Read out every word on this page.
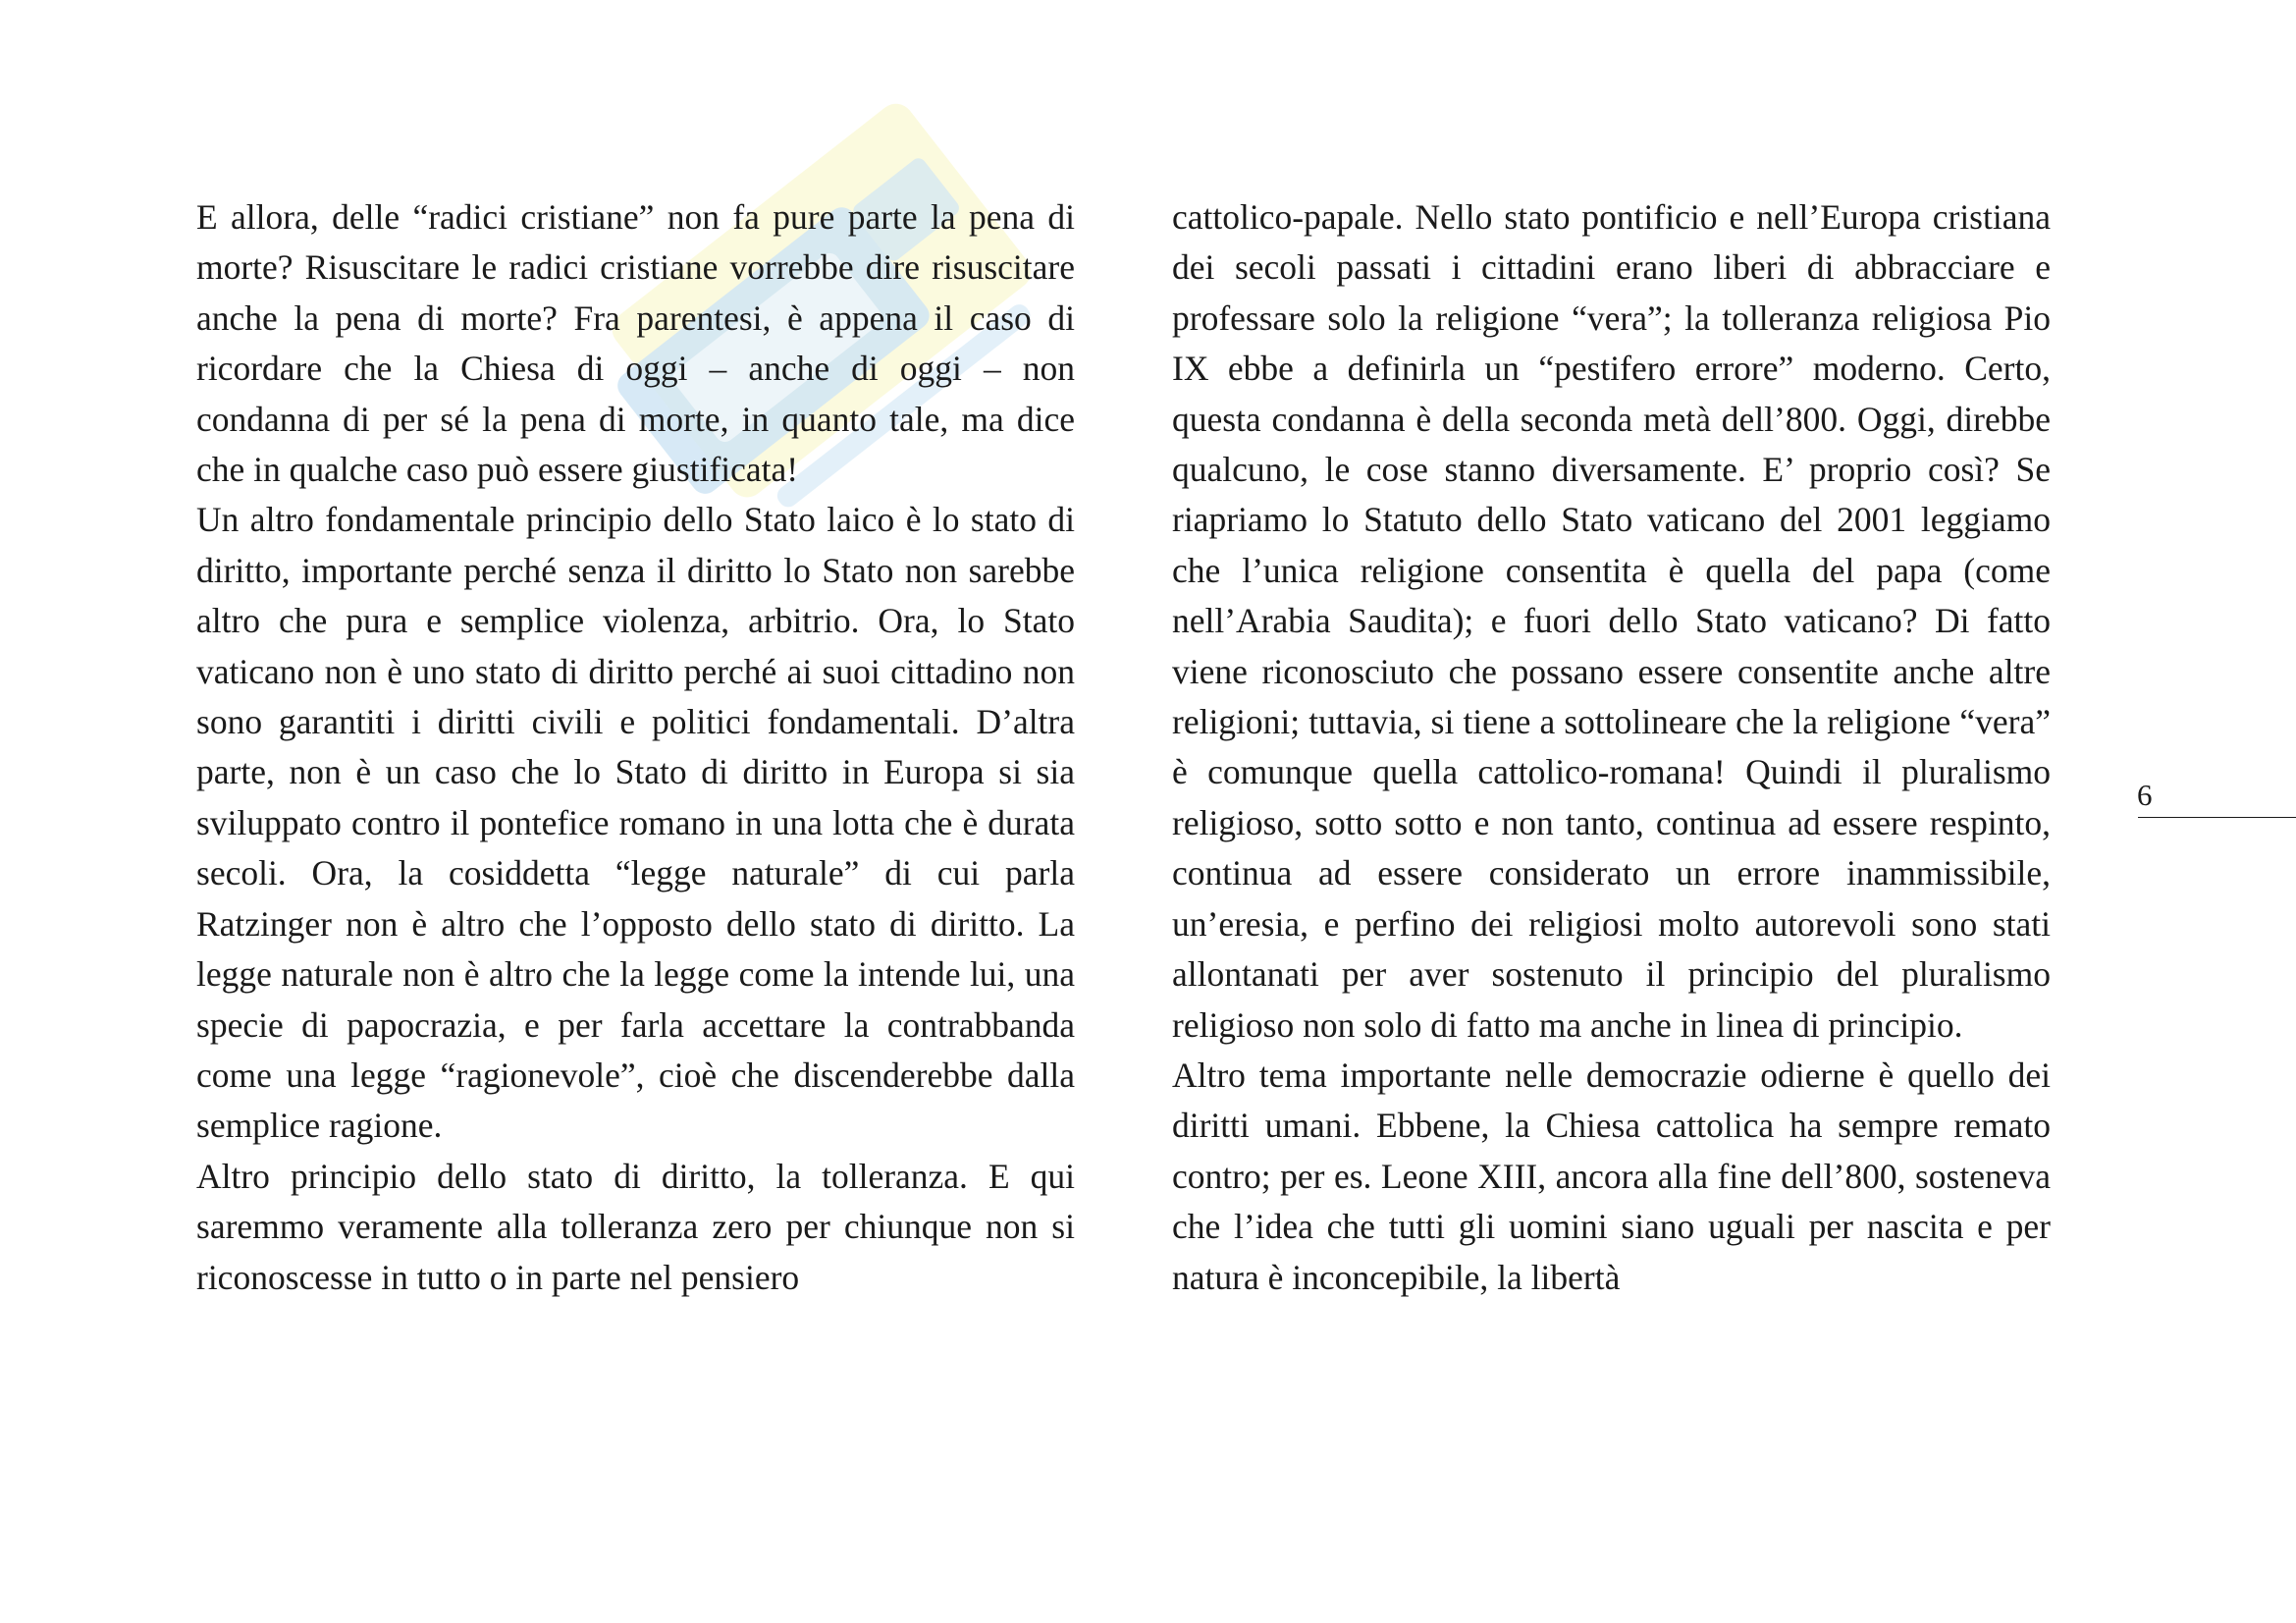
E allora, delle “radici cristiane” non fa pure parte la pena di morte? Risuscitare le radici cristiane vorrebbe dire risuscitare anche la pena di morte? Fra parentesi, è appena il caso di ricordare che la Chiesa di oggi – anche di oggi – non condanna di per sé la pena di morte, in quanto tale, ma dice che in qualche caso può essere giustificata!

Un altro fondamentale principio dello Stato laico è lo stato di diritto, importante perché senza il diritto lo Stato non sarebbe altro che pura e semplice violenza, arbitrio. Ora, lo Stato vaticano non è uno stato di diritto perché ai suoi cittadino non sono garantiti i diritti civili e politici fondamentali. D’altra parte, non è un caso che lo Stato di diritto in Europa si sia sviluppato contro il pontefice romano in una lotta che è durata secoli. Ora, la cosiddetta “legge naturale” di cui parla Ratzinger non è altro che l’opposto dello stato di diritto. La legge naturale non è altro che la legge come la intende lui, una specie di papocrazia, e per farla accettare la contrabbanda come una legge “ragionevole”, cioè che discenderebbe dalla semplice ragione.

Altro principio dello stato di diritto, la tolleranza. E qui saremmo veramente alla tolleranza zero per chiunque non si riconoscesse in tutto o in parte nel pensiero

cattolico-papale. Nello stato pontificio e nell’Europa cristiana dei secoli passati i cittadini erano liberi di abbracciare e professare solo la religione “vera”; la tolleranza religiosa Pio IX ebbe a definirla un “pestifero errore” moderno. Certo, questa condanna è della seconda metà dell’800. Oggi, direbbe qualcuno, le cose stanno diversamente. E’ proprio così? Se riapriamo lo Statuto dello Stato vaticano del 2001 leggiamo che l’unica religione consentita è quella del papa (come nell’Arabia Saudita); e fuori dello Stato vaticano? Di fatto viene riconosciuto che possano essere consentite anche altre religioni; tuttavia, si tiene a sottolineare che la religione “vera” è comunque quella cattolico-romana! Quindi il pluralismo religioso, sotto sotto e non tanto, continua ad essere respinto, continua ad essere considerato un errore inammissibile, un’eresia, e perfino dei religiosi molto autorevoli sono stati allontanati per aver sostenuto il principio del pluralismo religioso non solo di fatto ma anche in linea di principio.

Altro tema importante nelle democrazie odierne è quello dei diritti umani. Ebbene, la Chiesa cattolica ha sempre remato contro; per es. Leone XIII, ancora alla fine dell’800, sosteneva che l’idea che tutti gli uomini siano uguali per nascita e per natura è inconcepibile, la libertà

6
